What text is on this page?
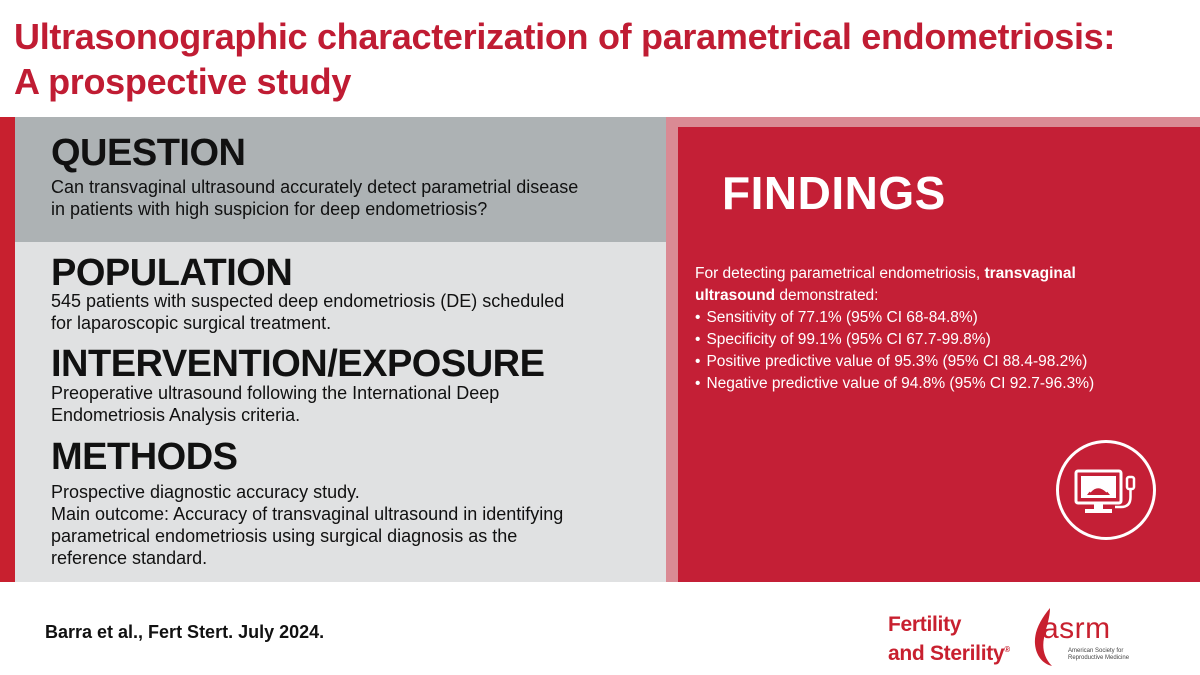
Ultrasonographic characterization of parametrical endometriosis:
A prospective study
QUESTION

Can transvaginal ultrasound accurately detect parametrial disease
in patients with high suspicion for deep endometriosis?

POPULATION

545 patients with suspected deep endometriosis (DE) scheduled
for laparoscopic surgical treatment.

INTERVENTION/EXPOSURE

Preoperative ultrasound following the International Deep
Endometriosis Analysis criteria.

METHODS

Prospective diagnostic accuracy study.
Main outcome: Accuracy of transvaginal ultrasound in identifying
parametrical endometriosis using surgical diagnosis as the
reference standard.

FINDINGS

For detecting parametrical endometriosis, transvaginal
ultrasound demonstrated:

• Sensitivity of 77.1% (95% CI 68-84.8%)
• Specificity of 99.1% (95% CI 67.7-99.8%)
• Positive predictive value of 95.3% (95% CI 88.4-98.2%)
• Negative predictive value of 94.8% (95% CI 92.7-96.3%)

Barra et al., Fert Stert. July 2024.	Fertility
and Sterility®
asrm
American Society for
Reproductive Medicine
